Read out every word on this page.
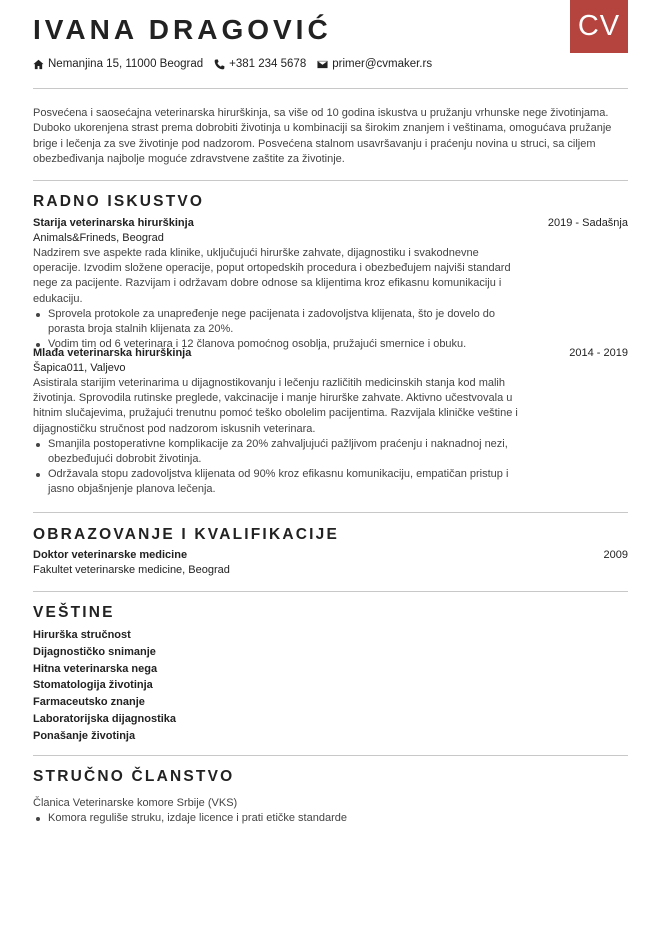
IVANA DRAGOVIĆ	CV
Nemanjina 15, 11000 Beograd +381 234 5678 primer@cvmaker.rs

Posvećena i saosećajna veterinarska hirurškinja, sa više od 10 godina iskustva u pružanju vrhunske nege životinjama. Duboko ukorenjena strast prema dobrobiti životinja u kombinaciji sa širokim znanjem i veštinama, omogućava pružanje brige i lečenja za sve životinje pod nadzorom. Posvećena stalnom usavršavanju i praćenju novina u struci, sa ciljem obezbeđivanja najbolje moguće zdravstvene zaštite za životinje.

RADNO ISKUSTVO
Starija veterinarska hirurškinja	2019 - Sadašnja
Animals&Frineds, Beograd

Nadzirem sve aspekte rada klinike, uključujući hirurške zahvate, dijagnostiku i svakodnevne operacije. Izvodim složene operacije, poput ortopedskih procedura i obezbeđujem najviši standard nege za pacijente. Razvijam i održavam dobre odnose sa klijentima kroz efikasnu komunikaciju i edukaciju.

Sprovela protokole za unapređenje nege pacijenata i zadovoljstva klijenata, što je dovelo do porasta broja stalnih klijenata za 20%.
Vodim tim od 6 veterinara i 12 članova pomoćnog osoblja, pružajući smernice i obuku.
Mlađa veterinarska hirurškinja	2014 - 2019
Šapica011, Valjevo

Asistirala starijim veterinarima u dijagnostikovanju i lečenju različitih medicinskih stanja kod malih životinja. Sprovodila rutinske preglede, vakcinacije i manje hirurške zahvate. Aktivno učestvovala u hitnim slučajevima, pružajući trenutnu pomoć teško obolelim pacijentima. Razvijala kliničke veštine i dijagnostičku stručnost pod nadzorom iskusnih veterinara.

Smanjila postoperativne komplikacije za 20% zahvaljujući pažljivom praćenju i naknadnoj nezi, obezbeđujući dobrobit životinja.
Održavala stopu zadovoljstva klijenata od 90% kroz efikasnu komunikaciju, empatičan pristup i jasno objašnjenje planova lečenja.
OBRAZOVANJE I KVALIFIKACIJE
Doktor veterinarske medicine	2009
Fakultet veterinarske medicine, Beograd
VEŠTINE
Hirurška stručnost
Dijagnostičko snimanje
Hitna veterinarska nega
Stomatologija životinja
Farmaceutsko znanje
Laboratorijska dijagnostika
Ponašanje životinja
STRUČNO ČLANSTVO
Članica Veterinarske komore Srbije (VKS)
Komora reguliše struku, izdaje licence i prati etičke standarde
